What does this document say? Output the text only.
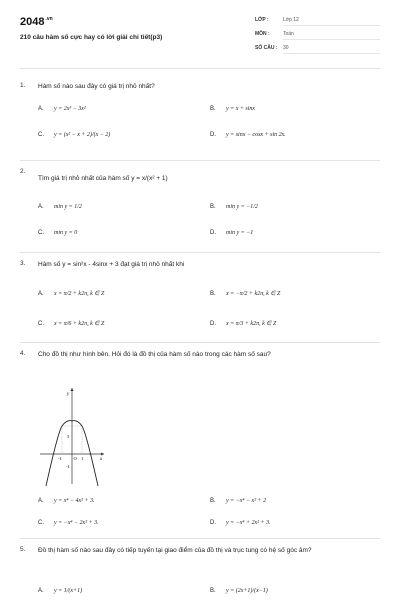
$2048^{.vn}$
210 câu hàm số cực hay có lời giải chi tiết(p3)
LỚP :	Lớp 12
MÔN :	Toán
SỐ CÂU : 30
1. Hàm số nào sau đây có giá trị nhỏ nhất?
A. y = 2x³ − 3x²	B. y = x + sinx
C. y = (x² − x + 2)/(x − 2)	D. y = sinx − cosx + sin 2x.
2.
Tìm giá trị nhỏ nhất của hàm số y = x/(x² + 1)
A. min y = 1/2	B. min y = −1/2
C. min y = 0	D. min y = −1
3. Hàm số y = sin²x - 4sinx + 3 đạt giá trị nhỏ nhất khi
A. x = π/2 + k2π, k ∈ Z	B. x = −π/2 + k2π, k ∈ Z
C. x = π/6 + k2π, k ∈ Z	D. x = π/3 + k2π, k ∈ Z
4. Cho đồ thị như hình bên. Hỏi đó là đồ thị của hàm số nào trong các hàm số sau?
A. y = x⁴ − 4x² + 3.	B. y = −x⁴ − x² + 2
C. y = −x⁴ − 2x² + 3.	D. y = −x⁴ + 2x² + 3.
y
x
O
-1	1
3
-1
5. Đồ thị hàm số nào sau đây có tiếp tuyến tại giao điểm của đồ thị và trục tung có hệ số góc âm?
A. y = 1/(x+1)	B. y = (2x+1)/(x−1)
